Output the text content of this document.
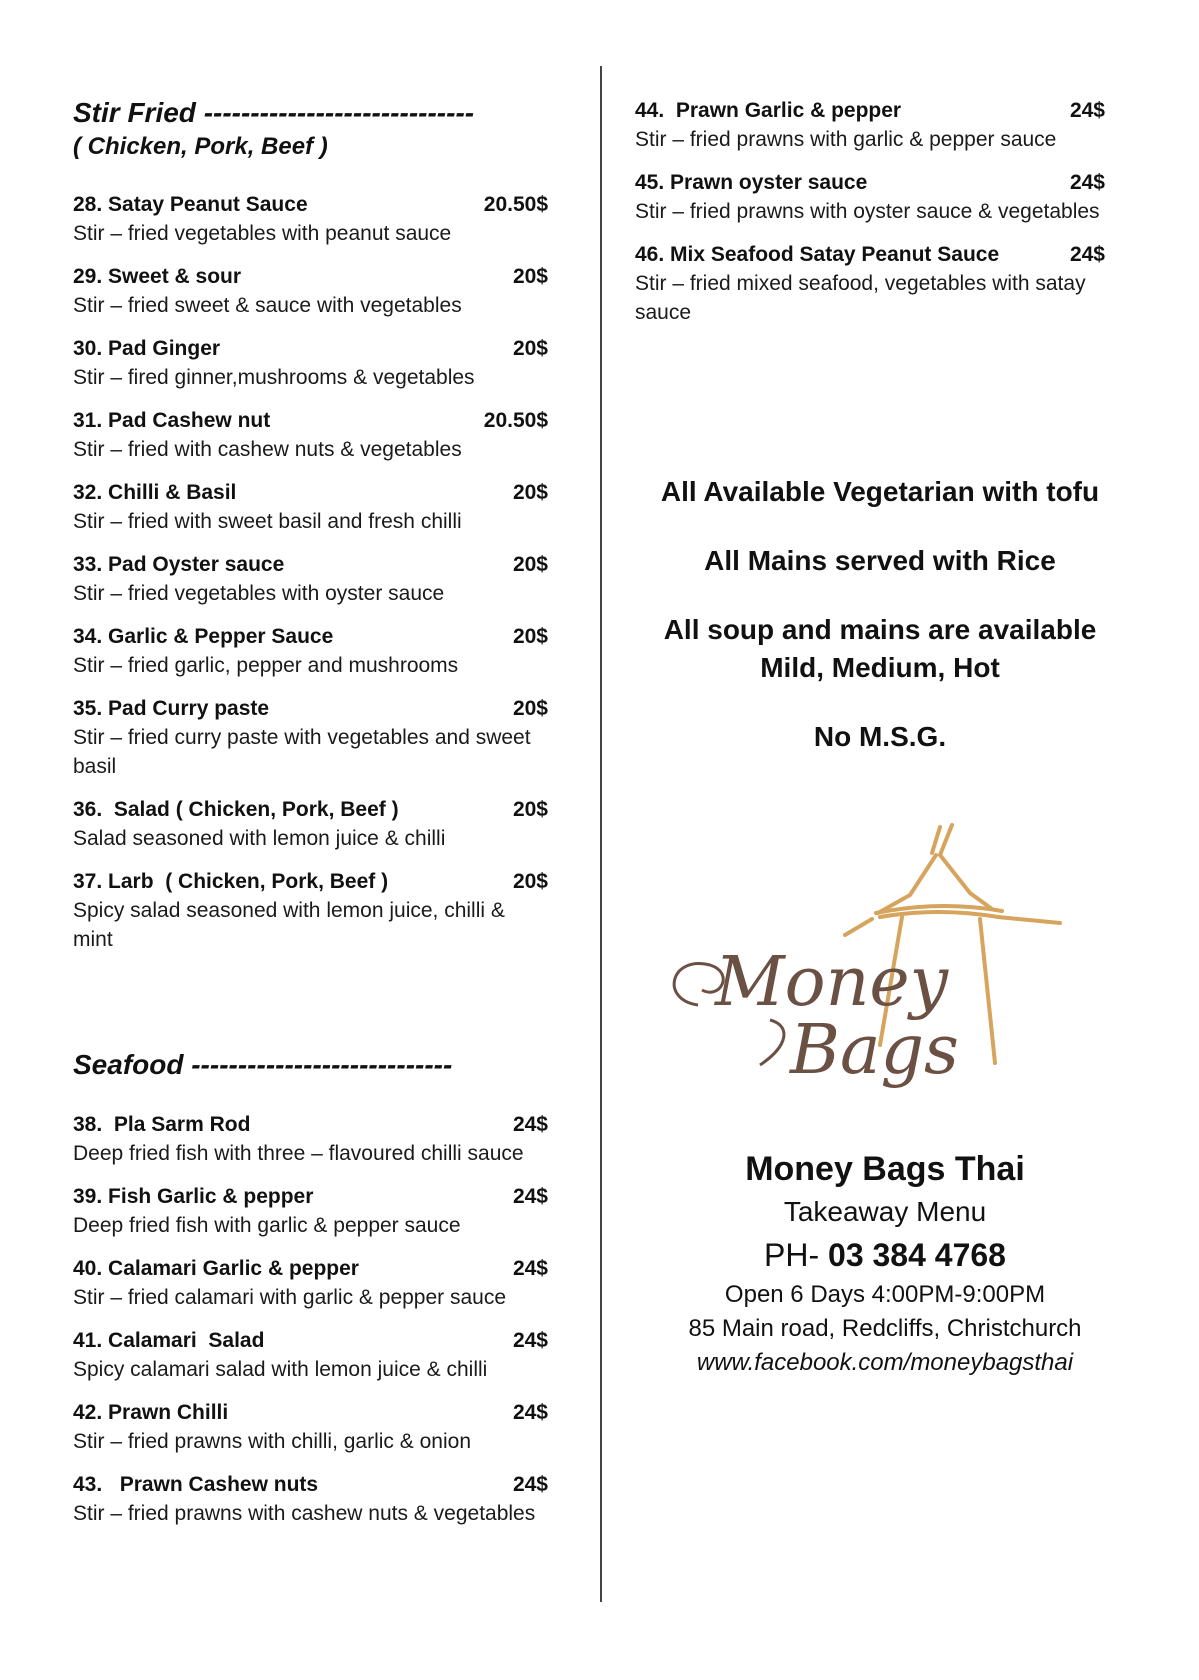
Stir Fried -----------------------------
( Chicken, Pork, Beef )
28. Satay Peanut Sauce	20.50$
Stir – fried vegetables with peanut sauce
29. Sweet & sour	20$
Stir – fried sweet & sauce with vegetables
30. Pad Ginger	20$
Stir – fired ginner,mushrooms & vegetables
31. Pad Cashew nut	20.50$
Stir – fried with cashew nuts & vegetables
32. Chilli & Basil	20$
Stir – fried with sweet basil and fresh chilli
33. Pad Oyster sauce	20$
Stir – fried vegetables with oyster sauce
34. Garlic & Pepper Sauce	20$
Stir – fried garlic, pepper and mushrooms
35. Pad Curry paste	20$
Stir – fried curry paste with vegetables and sweet basil
36.  Salad ( Chicken, Pork, Beef )	20$
Salad seasoned with lemon juice & chilli
37. Larb  ( Chicken, Pork, Beef )	20$
Spicy salad seasoned with lemon juice, chilli & mint
Seafood ----------------------------
38.  Pla Sarm Rod	24$
Deep fried fish with three – flavoured chilli sauce
39. Fish Garlic & pepper	24$
Deep fried fish with garlic & pepper sauce
40. Calamari Garlic & pepper	24$
Stir – fried calamari with garlic & pepper sauce
41. Calamari  Salad	24$
Spicy calamari salad with lemon juice & chilli
42. Prawn Chilli	24$
Stir – fried prawns with chilli, garlic & onion
43.   Prawn Cashew nuts	24$
Stir – fried prawns with cashew nuts & vegetables
44.  Prawn Garlic & pepper	24$
Stir – fried prawns with garlic & pepper sauce
45. Prawn oyster sauce	24$
Stir – fried prawns with oyster sauce & vegetables
46. Mix Seafood Satay Peanut Sauce	24$
Stir – fried mixed seafood, vegetables with satay sauce

All Available Vegetarian with tofu

All Mains served with Rice

All soup and mains are available

Mild, Medium, Hot

No M.S.G.

Money
Bags
Money Bags Thai
Takeaway Menu
PH- 03 384 4768
Open 6 Days 4:00PM-9:00PM
85 Main road, Redcliffs, Christchurch
www.facebook.com/moneybagsthai
